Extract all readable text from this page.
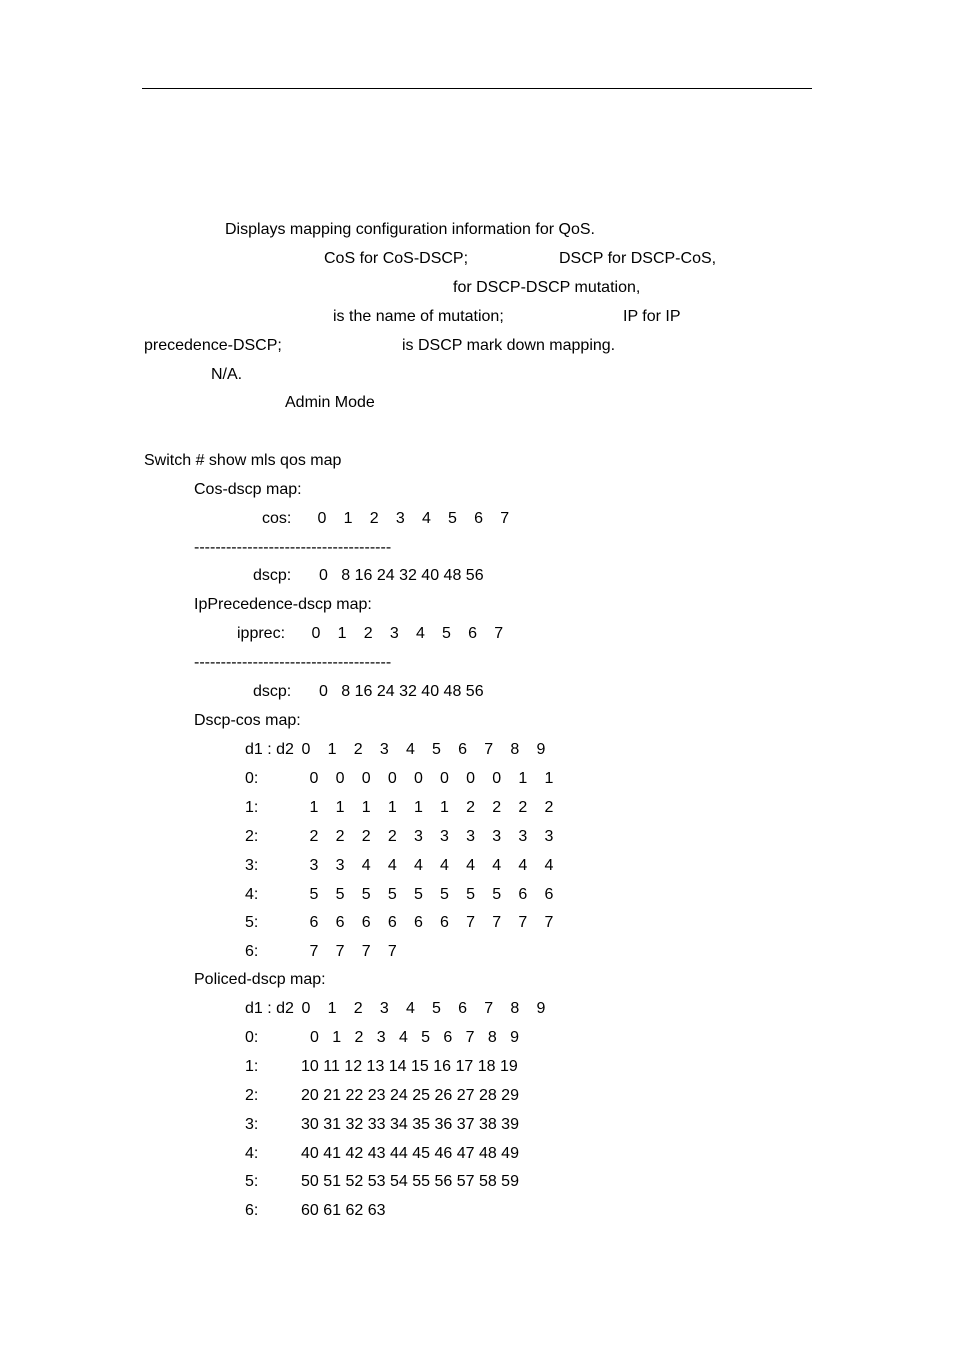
Displays mapping configuration information for QoS.
CoS for CoS-DSCP;	DSCP for DSCP-CoS,
for DSCP-DSCP mutation,
is the name of mutation;	IP for IP
precedence-DSCP;	is DSCP mark down mapping.
N/A.
Admin Mode
Switch # show mls qos map
Cos-dscp map:
cos:	0	1	2	3	4	5	6	7
-------------------------------------
dscp: 0   8 16 24 32 40 48 56
IpPrecedence-dscp map:
ipprec:	0	1	2	3	4	5	6	7
-------------------------------------
dscp: 0   8 16 24 32 40 48 56
Dscp-cos map:
d1 : d2 0	1	2	3	4	5	6	7	8	9
0:	0	0	0	0	0	0	0	0	1	1
1:	1	1	1	1	1	1	2	2	2	2
2:	2	2	2	2	3	3	3	3	3	3
3:	3	3	4	4	4	4	4	4	4	4
4:	5	5	5	5	5	5	5	5	6	6
5:	6	6	6	6	6	6	7	7	7	7
6:	7	7	7	7
Policed-dscp map:
d1 : d2 0	1	2	3	4	5	6	7	8	9
0:	0   1   2   3   4   5   6   7   8   9
1:	10 11 12 13 14 15 16 17 18 19
2:	20 21 22 23 24 25 26 27 28 29
3:	30 31 32 33 34 35 36 37 38 39
4:	40 41 42 43 44 45 46 47 48 49
5:	50 51 52 53 54 55 56 57 58 59
6:	60 61 62 63
